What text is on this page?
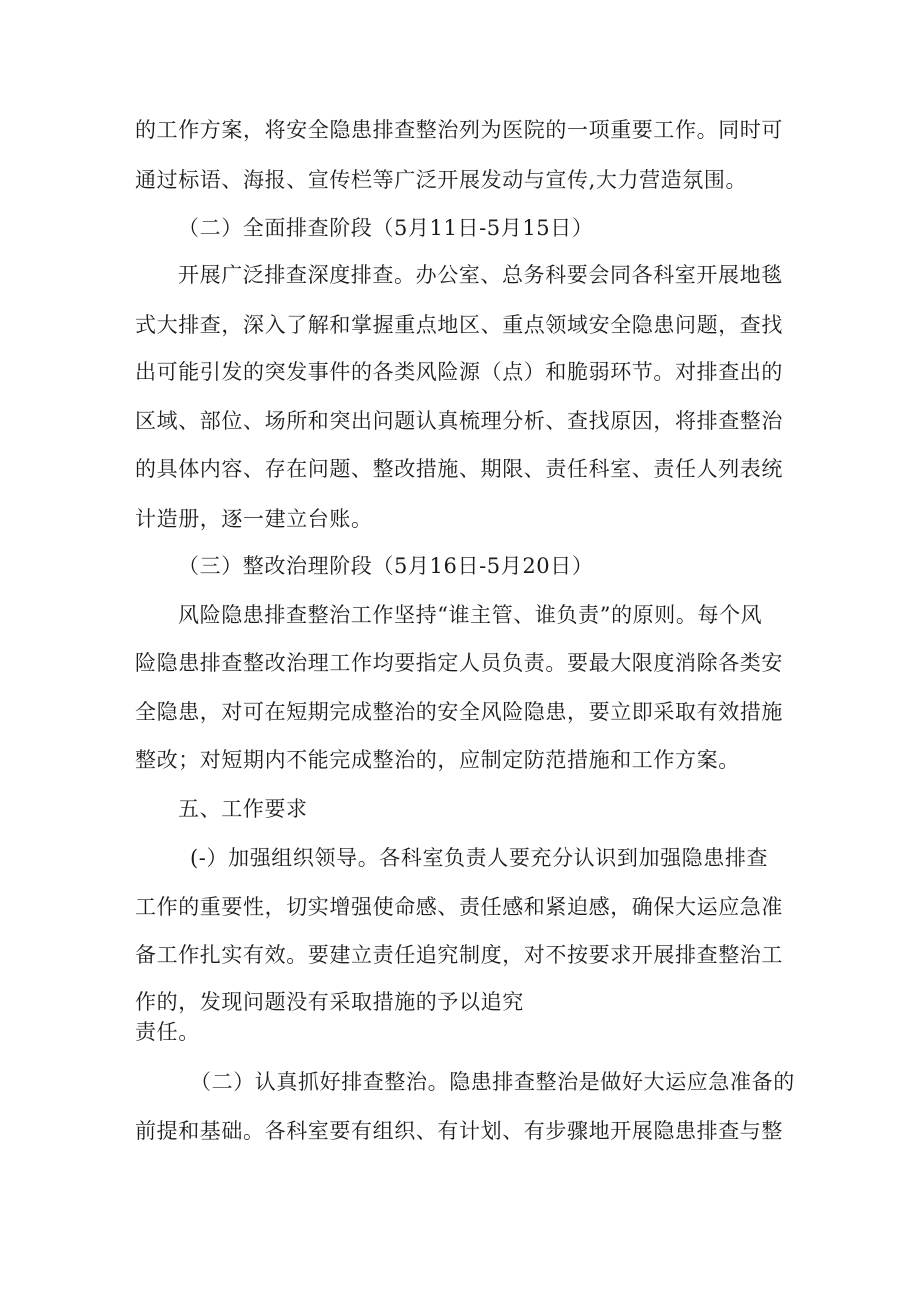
的工作方案，将安全隐患排查整治列为医院的一项重要工作。同时可
通过标语、海报、宣传栏等广泛开展发动与宣传,大力营造氛围。
（二）全面排查阶段（5月11日-5月15日）
开展广泛排查深度排查。办公室、总务科要会同各科室开展地毯
式大排查，深入了解和掌握重点地区、重点领域安全隐患问题，查找
出可能引发的突发事件的各类风险源（点）和脆弱环节。对排查出的
区域、部位、场所和突出问题认真梳理分析、查找原因，将排查整治
的具体内容、存在问题、整改措施、期限、责任科室、责任人列表统
计造册，逐一建立台账。
（三）整改治理阶段（5月16日-5月20日）
风险隐患排查整治工作坚持“谁主管、谁负责”的原则。每个风
险隐患排查整改治理工作均要指定人员负责。要最大限度消除各类安
全隐患，对可在短期完成整治的安全风险隐患，要立即采取有效措施
整改；对短期内不能完成整治的，应制定防范措施和工作方案。
五、工作要求
(-）加强组织领导。各科室负责人要充分认识到加强隐患排查
工作的重要性，切实增强使命感、责任感和紧迫感，确保大运应急准
备工作扎实有效。要建立责任追究制度，对不按要求开展排查整治工
作的，发现问题没有采取措施的予以追究
责任。
（二）认真抓好排查整治。隐患排查整治是做好大运应急准备的
前提和基础。各科室要有组织、有计划、有步骤地开展隐患排查与整
